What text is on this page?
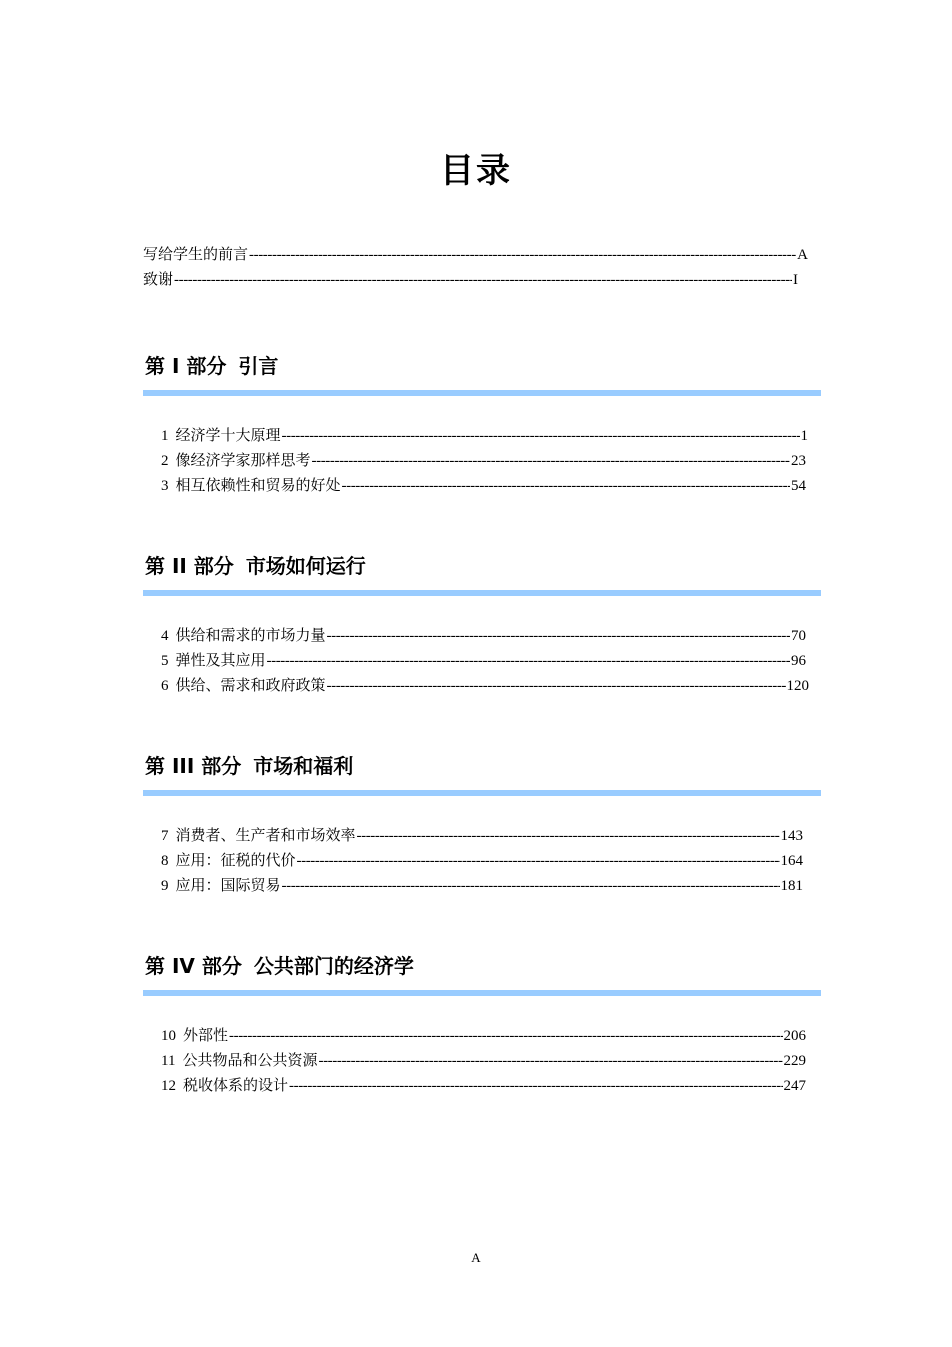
目录
写给学生的前言 -----	A
致谢 -----	I
第 I 部分 引言
1 经济学十大原理 -----	1
2 像经济学家那样思考 -----	23
3 相互依赖性和贸易的好处 -----	54
第 II 部分 市场如何运行
4 供给和需求的市场力量 -----	70
5 弹性及其应用 -----	96
6 供给、需求和政府政策 -----	120
第 III 部分 市场和福利
7 消费者、生产者和市场效率 -----	143
8 应用：征税的代价 -----	164
9 应用：国际贸易 -----	181
第 IV 部分 公共部门的经济学
10 外部性 -----	206
11 公共物品和公共资源 -----	229
12 税收体系的设计 -----	247
A
